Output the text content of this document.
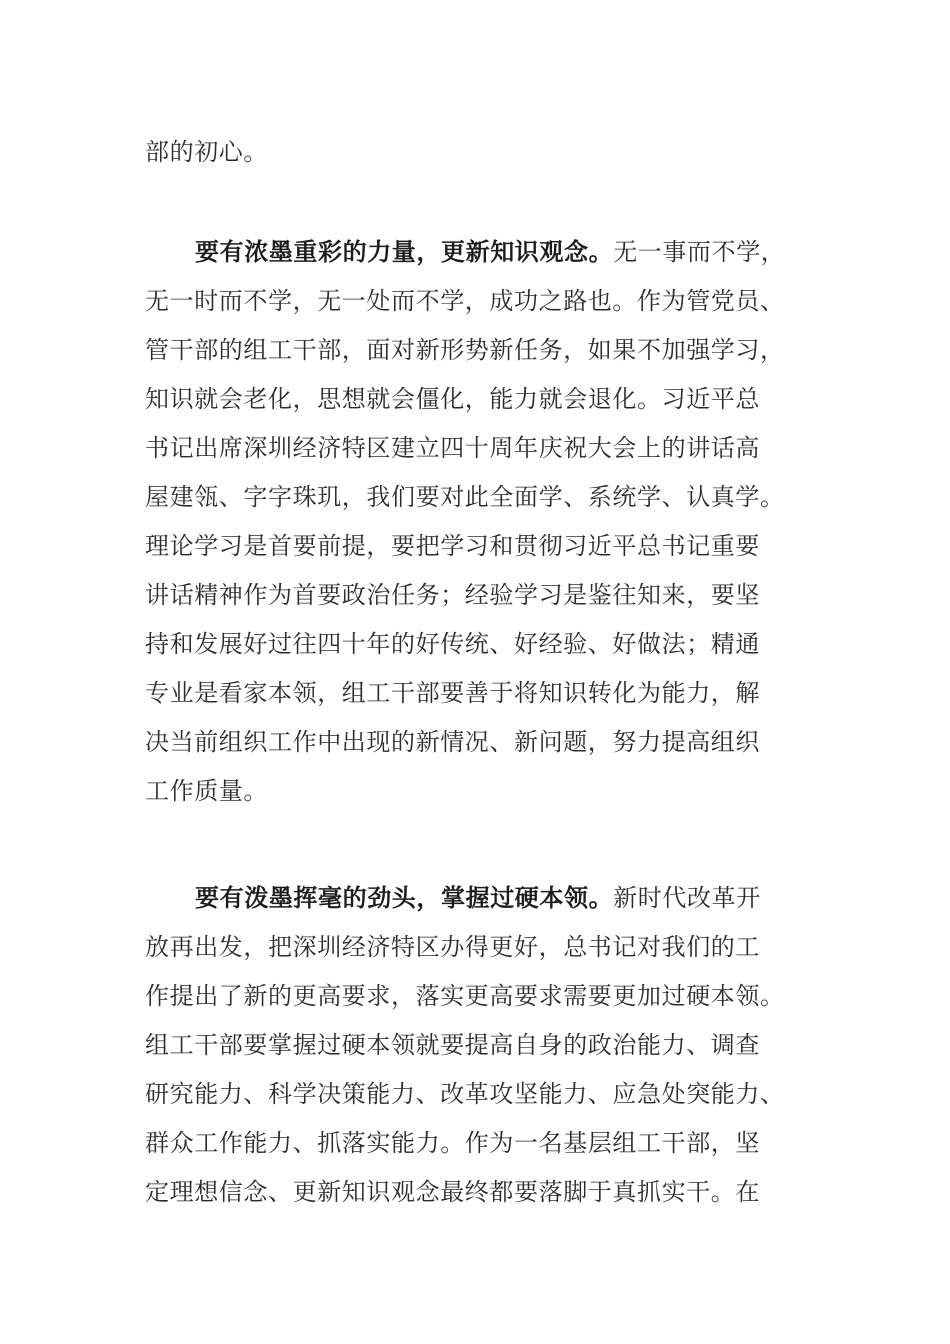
部的初心。
要有浓墨重彩的力量，更新知识观念。无一事而不学，
无一时而不学，无一处而不学，成功之路也。作为管党员、
管干部的组工干部，面对新形势新任务，如果不加强学习，
知识就会老化，思想就会僵化，能力就会退化。习近平总
书记出席深圳经济特区建立四十周年庆祝大会上的讲话高
屋建瓴、字字珠玑，我们要对此全面学、系统学、认真学。
理论学习是首要前提，要把学习和贯彻习近平总书记重要
讲话精神作为首要政治任务；经验学习是鉴往知来，要坚
持和发展好过往四十年的好传统、好经验、好做法；精通
专业是看家本领，组工干部要善于将知识转化为能力，解
决当前组织工作中出现的新情况、新问题，努力提高组织
工作质量。
要有泼墨挥毫的劲头，掌握过硬本领。新时代改革开
放再出发，把深圳经济特区办得更好，总书记对我们的工
作提出了新的更高要求，落实更高要求需要更加过硬本领。
组工干部要掌握过硬本领就要提高自身的政治能力、调查
研究能力、科学决策能力、改革攻坚能力、应急处突能力、
群众工作能力、抓落实能力。作为一名基层组工干部，坚
定理想信念、更新知识观念最终都要落脚于真抓实干。在
